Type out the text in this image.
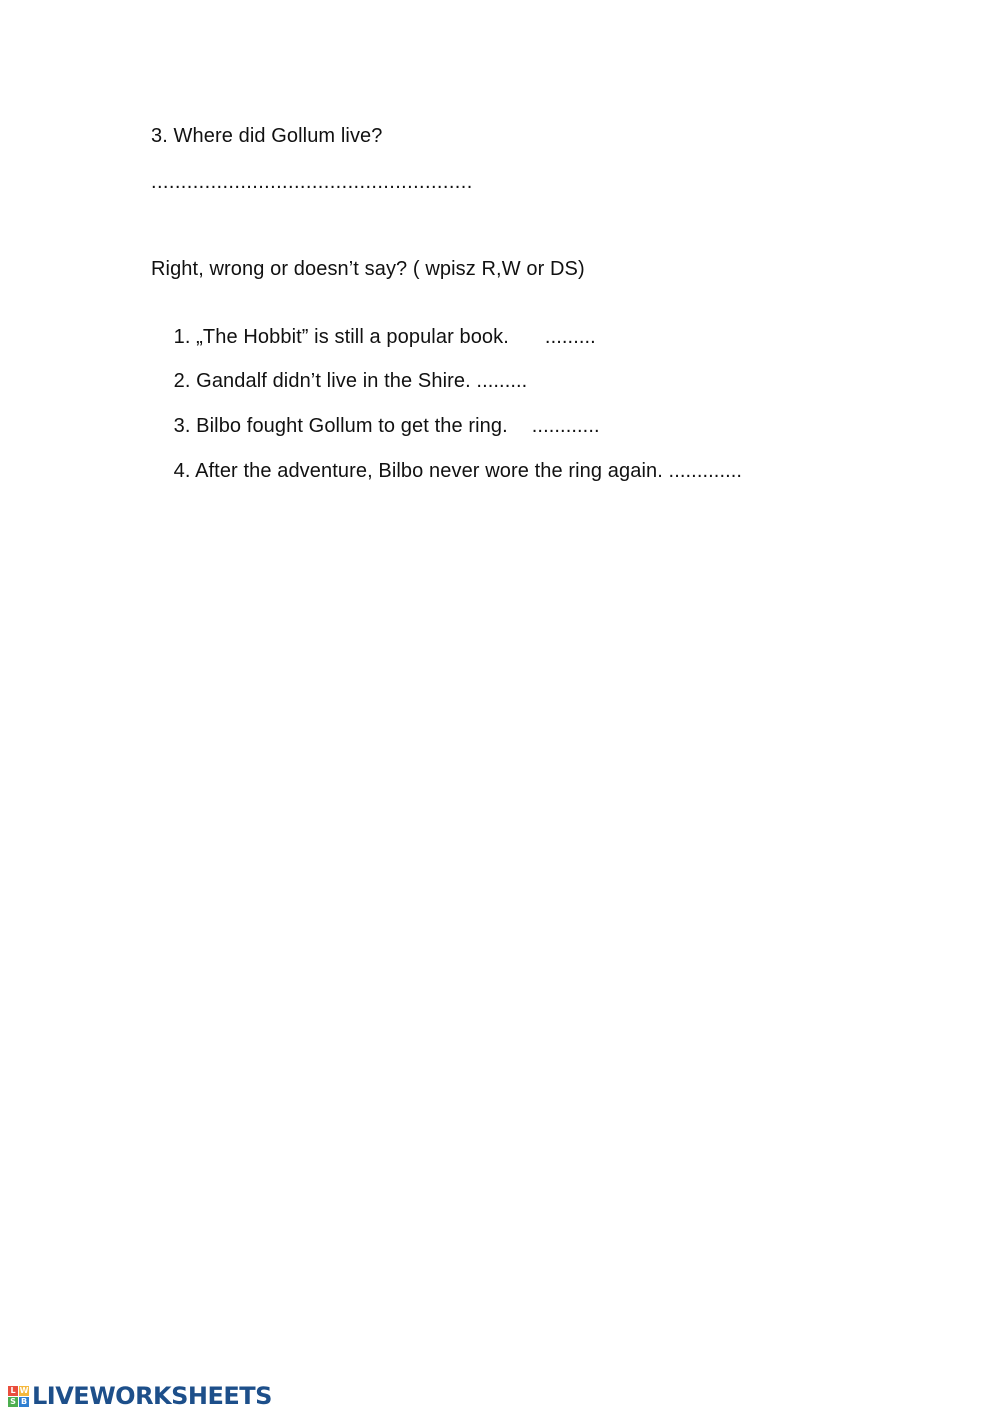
3. Where did Gollum live?
......................................................
Right, wrong or doesn’t say? ( wpisz R,W or DS)

1. „The Hobbit” is still a popular book. .........

2. Gandalf didn’t live in the Shire. .........

3. Bilbo fought Gollum to get the ring. ............

4. After the adventure, Bilbo never wore the ring again. .............

L W
S B LIVEWORKSHEETS
